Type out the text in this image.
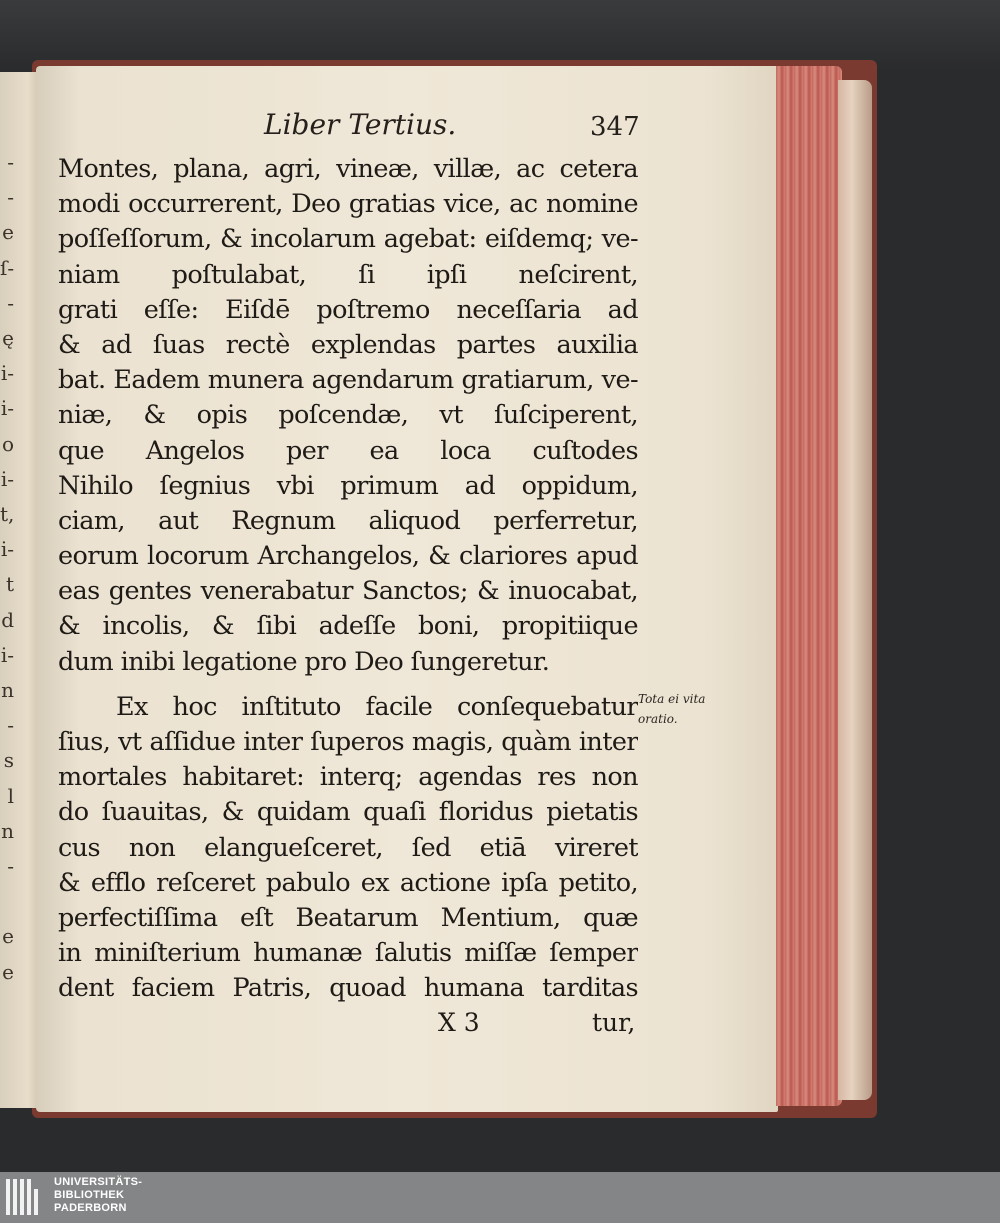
-
-
e
ſ-
-
ę
i-
i-
o
i-
t,
i-
t
d
i-
n
-
s
l
n
-
e
e
Liber Tertius.	347
Montes, plana, agri, vineæ, villæ, ac cetera
modi occurrerent, Deo gratias vice, ac nomine
poſſeſſorum, & incolarum agebat: eiſdemq; ve-
niam poſtulabat, ſi ipſi neſcirent,
grati eſſe: Eiſdē poſtremo neceſſaria ad
& ad ſuas rectè explendas partes auxilia
bat. Eadem munera agendarum gratiarum, ve-
niæ, & opis poſcendæ, vt ſuſciperent,
que Angelos per ea loca cuſtodes
Nihilo ſegnius vbi primum ad oppidum,
ciam, aut Regnum aliquod perferretur,
eorum locorum Archangelos, & clariores apud
eas gentes venerabatur Sanctos; & inuocabat,
& incolis, & ſibi adeſſe boni, propitiique
dum inibi legatione pro Deo ſungeretur.
Ex hoc inſtituto facile conſequebatur
ſius, vt aſſidue inter ſuperos magis, quàm inter
mortales habitaret: interq; agendas res non
do ſuauitas, & quidam quaſi floridus pietatis
cus non elangueſceret, ſed etiā vireret
& efflo reſceret pabulo ex actione ipſa petito,
perfectiſſima eſt Beatarum Mentium, quæ
in miniſterium humanæ ſalutis miſſæ ſemper
dent faciem Patris, quoad humana tarditas
Tota ei vita
oratio.
X 3	tur,
UNIVERSITÄTS-
BIBLIOTHEK
PADERBORN
